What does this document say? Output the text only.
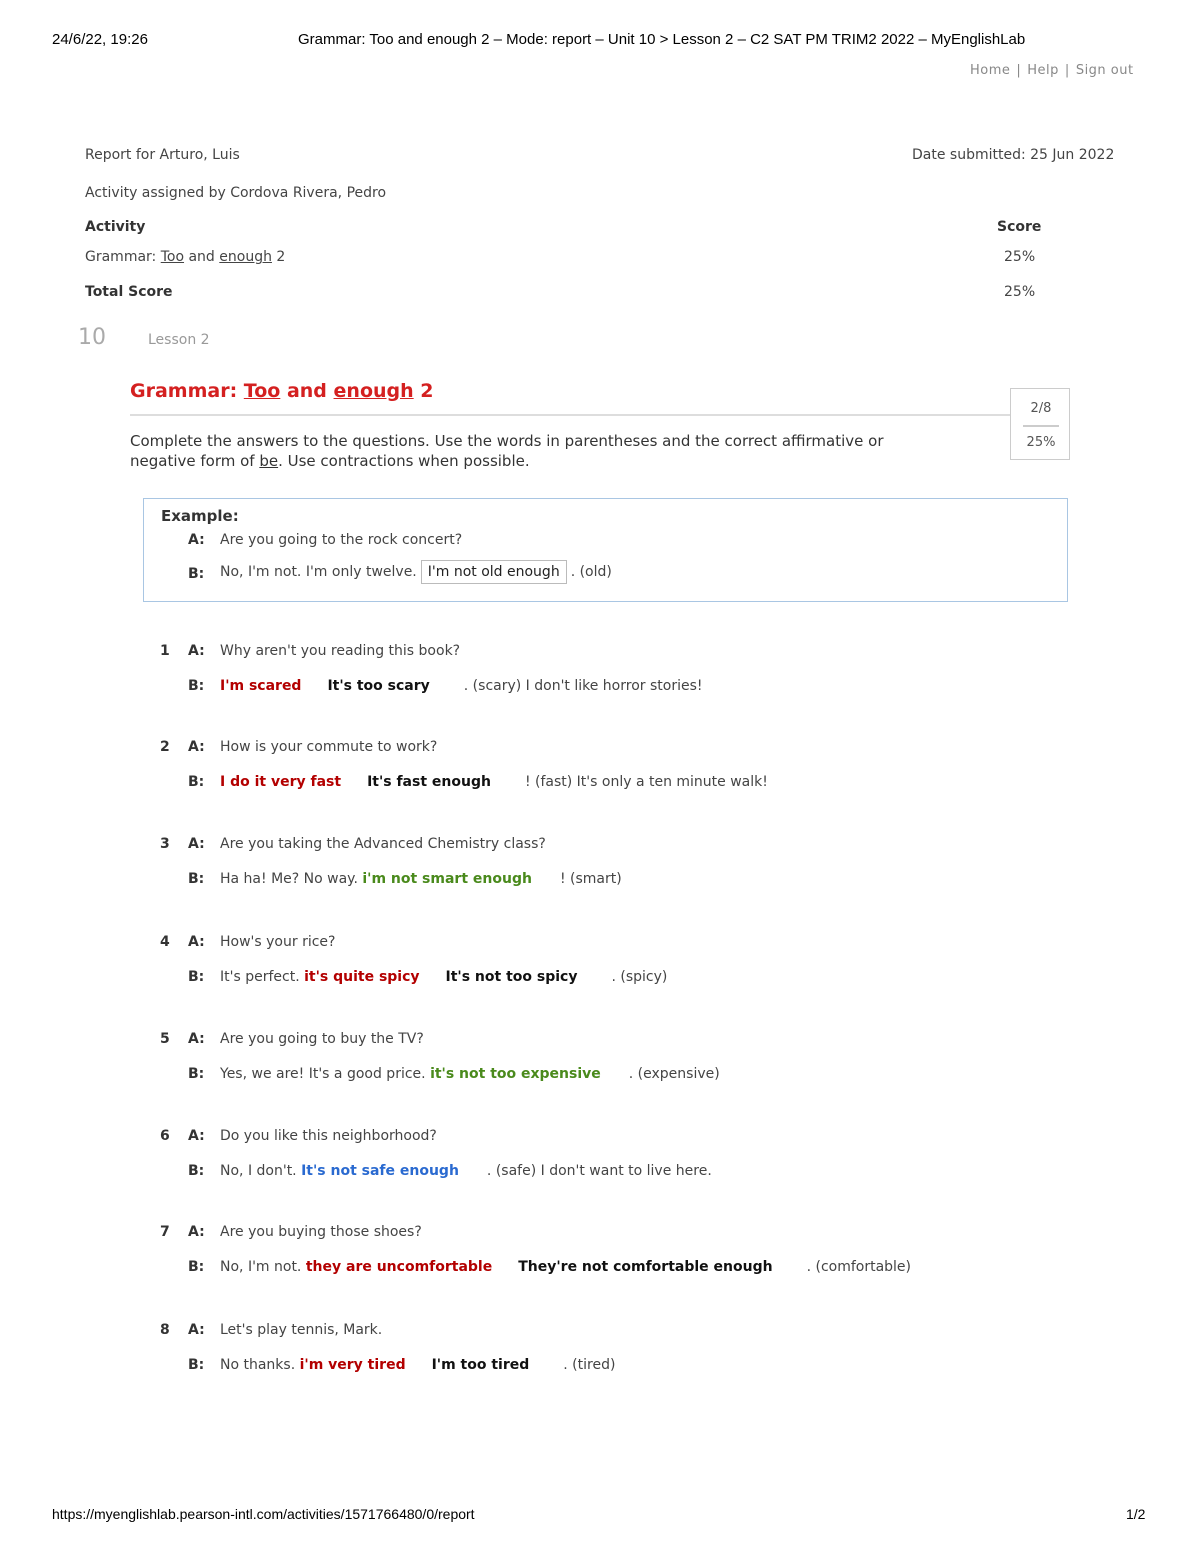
24/6/22, 19:26	Grammar: Too and enough 2 – Mode: report – Unit 10 > Lesson 2 – C2 SAT PM TRIM2 2022 – MyEnglishLab
Home | Help | Sign out
Report for Arturo, Luis	Date submitted: 25 Jun 2022
Activity assigned by Cordova Rivera, Pedro
Activity	Score
Grammar: Too and enough 2	25%
Total Score	25%
10	Lesson 2
Grammar: Too and enough 2
2/8
25%
Complete the answers to the questions. Use the words in parentheses and the correct affirmative or
negative form of be. Use contractions when possible.
Example:
A: Are you going to the rock concert?
B: No, I'm not. I'm only twelve. I'm not old enough . (old)
1 A: Why aren't you reading this book?
B: I'm scared It's too scary . (scary) I don't like horror stories!
2 A: How is your commute to work?
B: I do it very fast It's fast enough ! (fast) It's only a ten minute walk!
3 A: Are you taking the Advanced Chemistry class?
B: Ha ha! Me? No way. i'm not smart enough ! (smart)
4 A: How's your rice?
B: It's perfect. it's quite spicy It's not too spicy . (spicy)
5 A: Are you going to buy the TV?
B: Yes, we are! It's a good price. it's not too expensive . (expensive)
6 A: Do you like this neighborhood?
B: No, I don't. It's not safe enough . (safe) I don't want to live here.
7 A: Are you buying those shoes?
B: No, I'm not. they are uncomfortable They're not comfortable enough . (comfortable)
8 A: Let's play tennis, Mark.
B: No thanks. i'm very tired I'm too tired . (tired)
https://myenglishlab.pearson-intl.com/activities/1571766480/0/report	1/2
